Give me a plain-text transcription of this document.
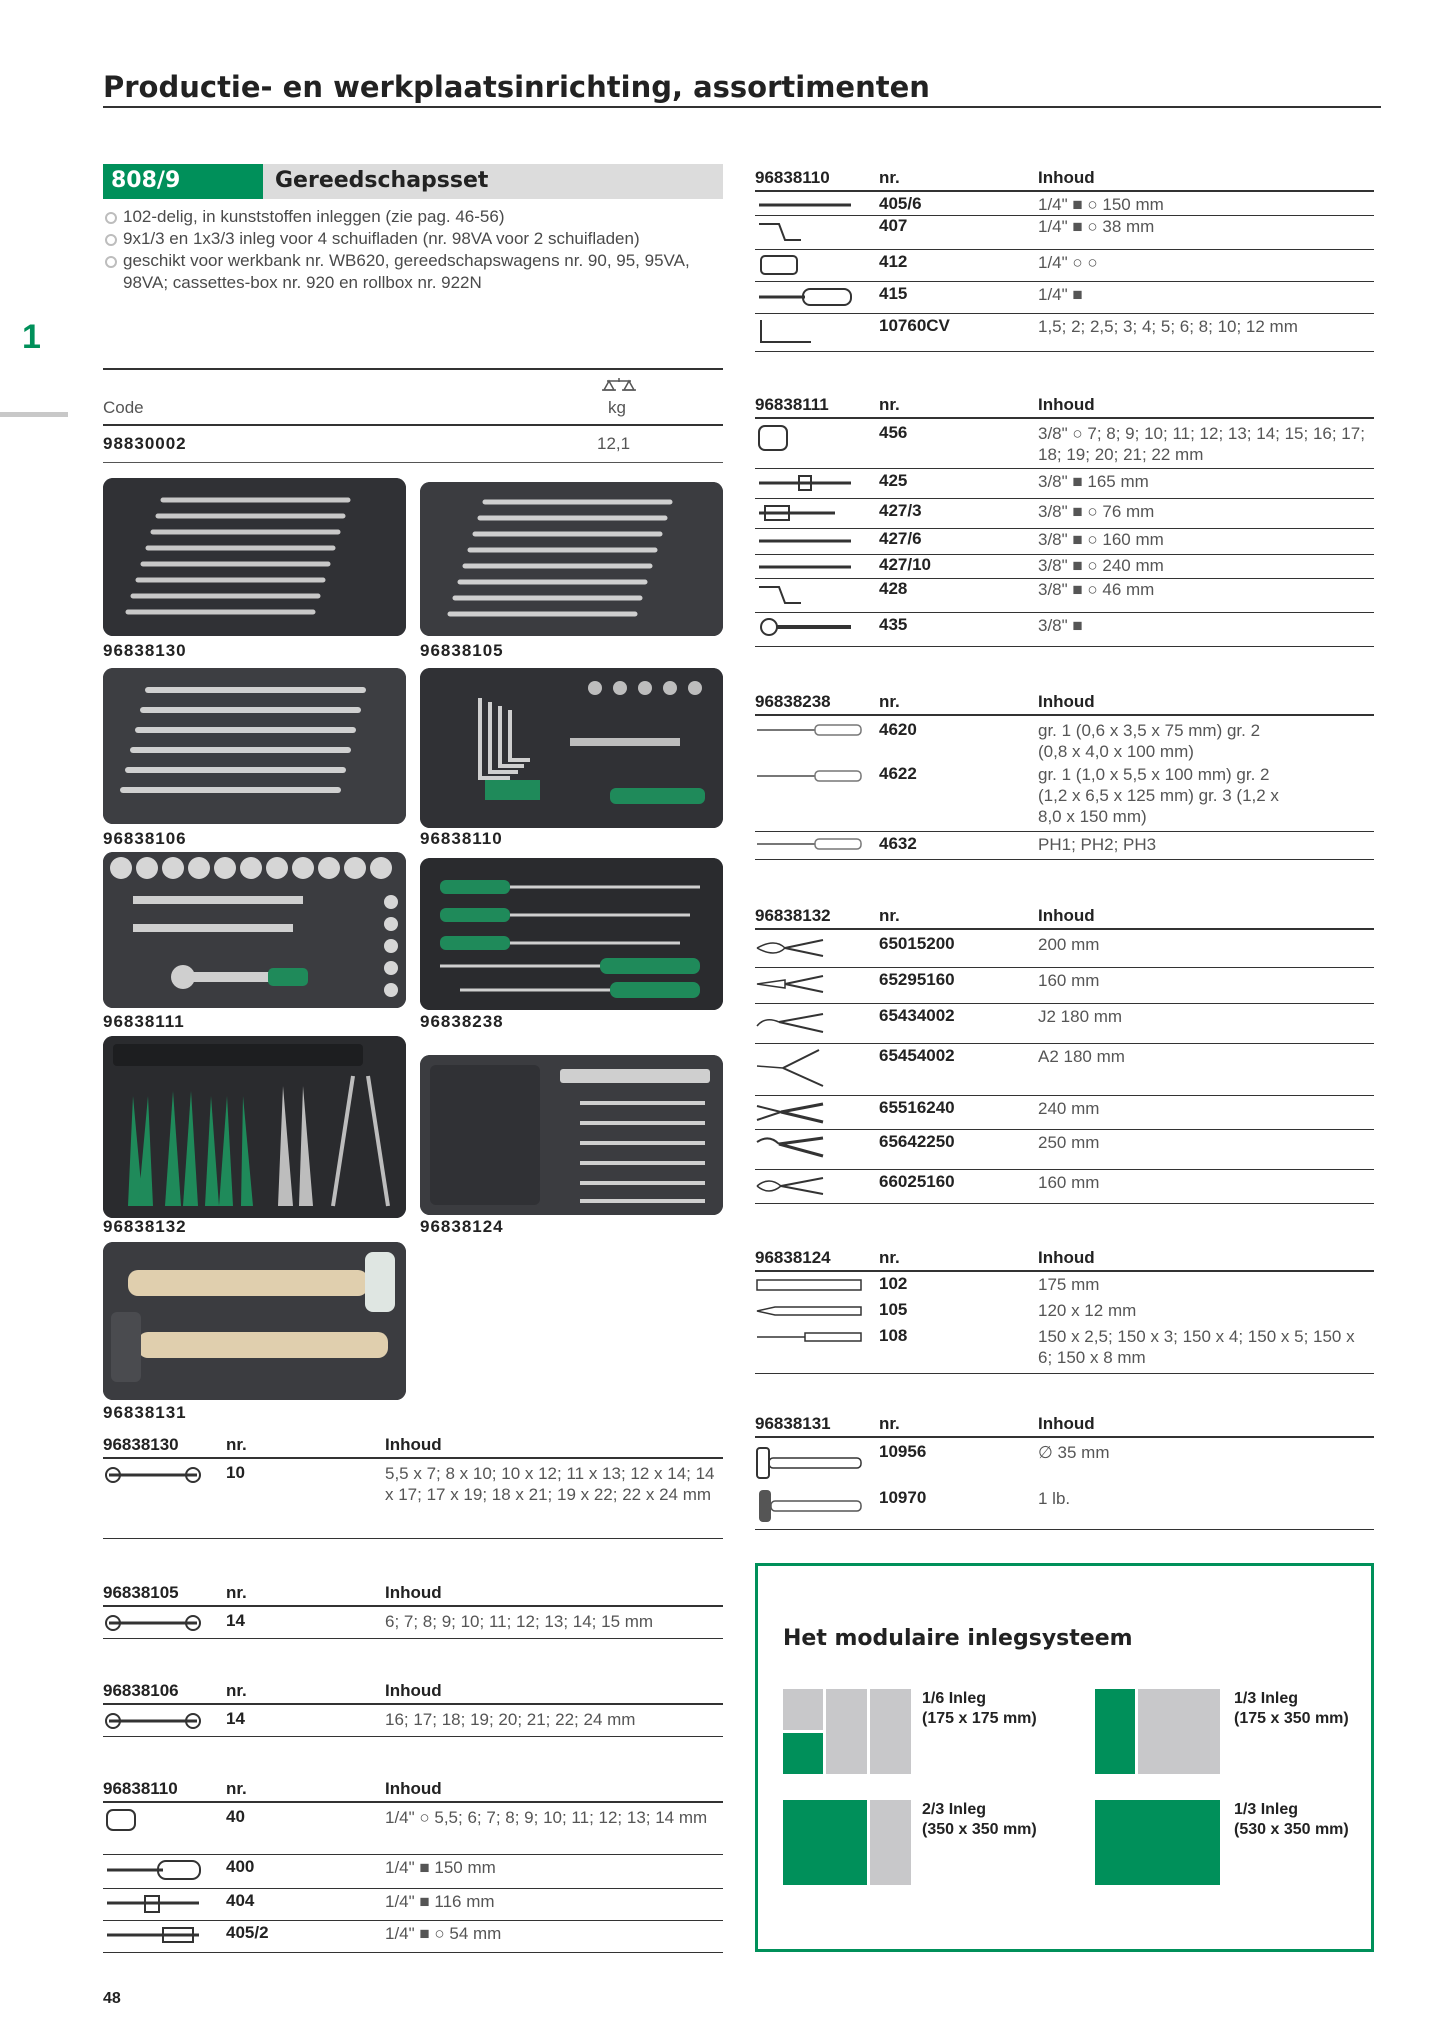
Productie- en werkplaatsinrichting, assortimenten
1
808/9	Gereedschapsset
102-delig, in kunststoffen inleggen (zie pag. 46-56)
9x1/3 en 1x3/3 inleg voor 4 schuifladen (nr. 98VA voor 2 schuifladen)
geschikt voor werkbank nr. WB620, gereedschapswagens nr. 90, 95, 95VA, 98VA; cassettes-box nr. 920 en rollbox nr. 922N
Code	kg
98830002	12,1
96838130	96838105
96838106	96838110
96838111	96838238
96838132	96838124
96838131
96838130	nr.	Inhoud
10	5,5 x 7; 8 x 10; 10 x 12; 11 x 13; 12 x 14; 14 x 17; 17 x 19; 18 x 21; 19 x 22; 22 x 24 mm
96838105	nr.	Inhoud
14	6; 7; 8; 9; 10; 11; 12; 13; 14; 15 mm
96838106	nr.	Inhoud
14	16; 17; 18; 19; 20; 21; 22; 24 mm
96838110	nr.	Inhoud
40	1/4" ○ 5,5; 6; 7; 8; 9; 10; 11; 12; 13; 14 mm
400	1/4" ■ 150 mm
404	1/4" ■ 116 mm
405/2	1/4" ■ ○ 54 mm
96838110	nr.	Inhoud
405/6	1/4" ■ ○ 150 mm
407	1/4" ■ ○ 38 mm
412	1/4" ○ ○
415	1/4" ■
10760CV	1,5; 2; 2,5; 3; 4; 5; 6; 8; 10; 12 mm
96838111	nr.	Inhoud
456	3/8" ○ 7; 8; 9; 10; 11; 12; 13; 14; 15; 16; 17; 18; 19; 20; 21; 22 mm
425	3/8" ■ 165 mm
427/3	3/8" ■ ○ 76 mm
427/6	3/8" ■ ○ 160 mm
427/10	3/8" ■ ○ 240 mm
428	3/8" ■ ○ 46 mm
435	3/8" ■
96838238	nr.	Inhoud
4620	gr. 1 (0,6 x 3,5 x 75 mm) gr. 2 (0,8 x 4,0 x 100 mm)
4622	gr. 1 (1,0 x 5,5 x 100 mm) gr. 2 (1,2 x 6,5 x 125 mm) gr. 3 (1,2 x 8,0 x 150 mm)
4632	PH1; PH2; PH3
96838132	nr.	Inhoud
65015200	200 mm
65295160	160 mm
65434002	J2 180 mm
65454002	A2 180 mm
65516240	240 mm
65642250	250 mm
66025160	160 mm
96838124	nr.	Inhoud
102	175 mm
105	120 x 12 mm
108	150 x 2,5; 150 x 3; 150 x 4; 150 x 5; 150 x 6; 150 x 8 mm
96838131	nr.	Inhoud
10956	∅ 35 mm
10970	1 lb.
Het modulaire inlegsysteem
1/6 Inleg
(175 x 175 mm)
1/3 Inleg
(175 x 350 mm)
2/3 Inleg
(350 x 350 mm)
1/3 Inleg
(530 x 350 mm)
48
